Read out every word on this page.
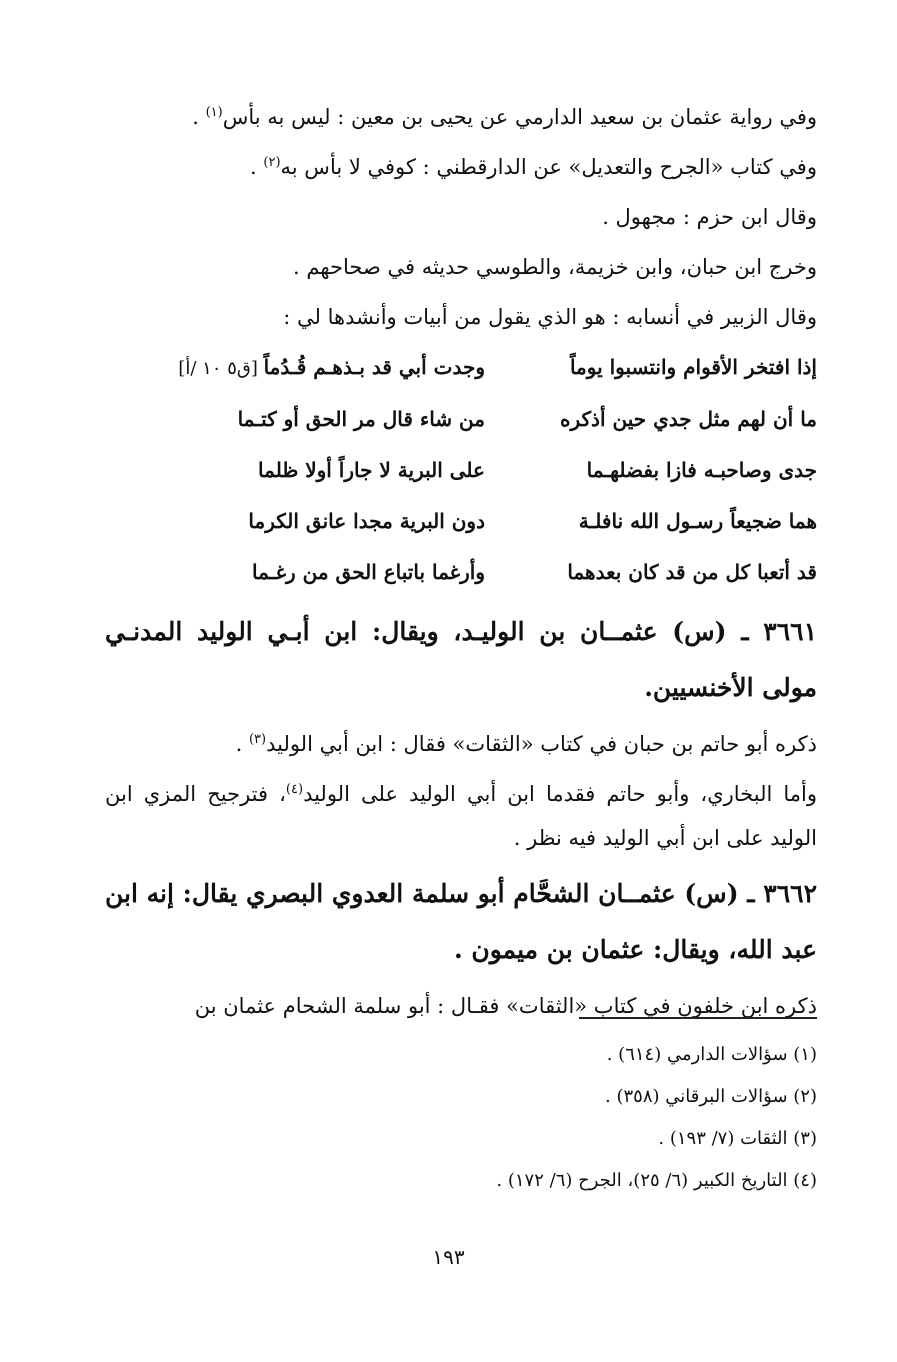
وفي رواية عثمان بن سعيد الدارمي عن يحيى بن معين : ليس به بأس$^{(١)}$ .

وفي كتاب «الجرح والتعديل» عن الدارقطني : كوفي لا بأس به$^{(٢)}$ .

وقال ابن حزم : مجهول .

وخرج ابن حبان، وابن خزيمة، والطوسي حديثه في صحاحهم .

وقال الزبير في أنسابه : هو الذي يقول من أبيات وأنشدها لي :

إذا افتخر الأقوام وانتسبوا يوماً
وجدت أبي قد بـذهـم قُـدُماً [ق٥ ١٠ /أ]
ما أن لهم مثل جدي حين أذكره
من شاء قال مر الحق أو كتـما
جدى وصاحبـه فازا بفضلهـما
على البرية لا جاراً أولا ظلما
هما ضجيعاً رسـول الله نافلـة
دون البرية مجدا عانق الكرما
قد أتعبا كل من قد كان بعدهما
وأرغما باتباع الحق من رغـما
٣٦٦١ ـ (س) عثمــان بن الوليـد، ويقال: ابن أبـي الوليد المدنـي مولى الأخنسيين.

ذكره أبو حاتم بن حبان في كتاب «الثقات» فقال : ابن أبي الوليد$^{(٣)}$ .

وأما البخاري، وأبو حاتم فقدما ابن أبي الوليد على الوليد$^{(٤)}$، فترجيح المزي ابن الوليد على ابن أبي الوليد فيه نظر .

٣٦٦٢ ـ (س) عثمــان الشحَّام أبو سلمة العدوي البصري يقال: إنه ابن عبد الله، ويقال: عثمان بن ميمون .

ذكره ابن خلفون في كتاب «الثقات» فقـال : أبو سلمة الشحام عثمان بن

(١) سؤالات الدارمي (٦١٤) .

(٢) سؤالات البرقاني (٣٥٨) .

(٣) الثقات (٧/ ١٩٣) .

(٤) التاريخ الكبير (٦/ ٢٥)، الجرح (٦/ ١٧٢) .

١٩٣
